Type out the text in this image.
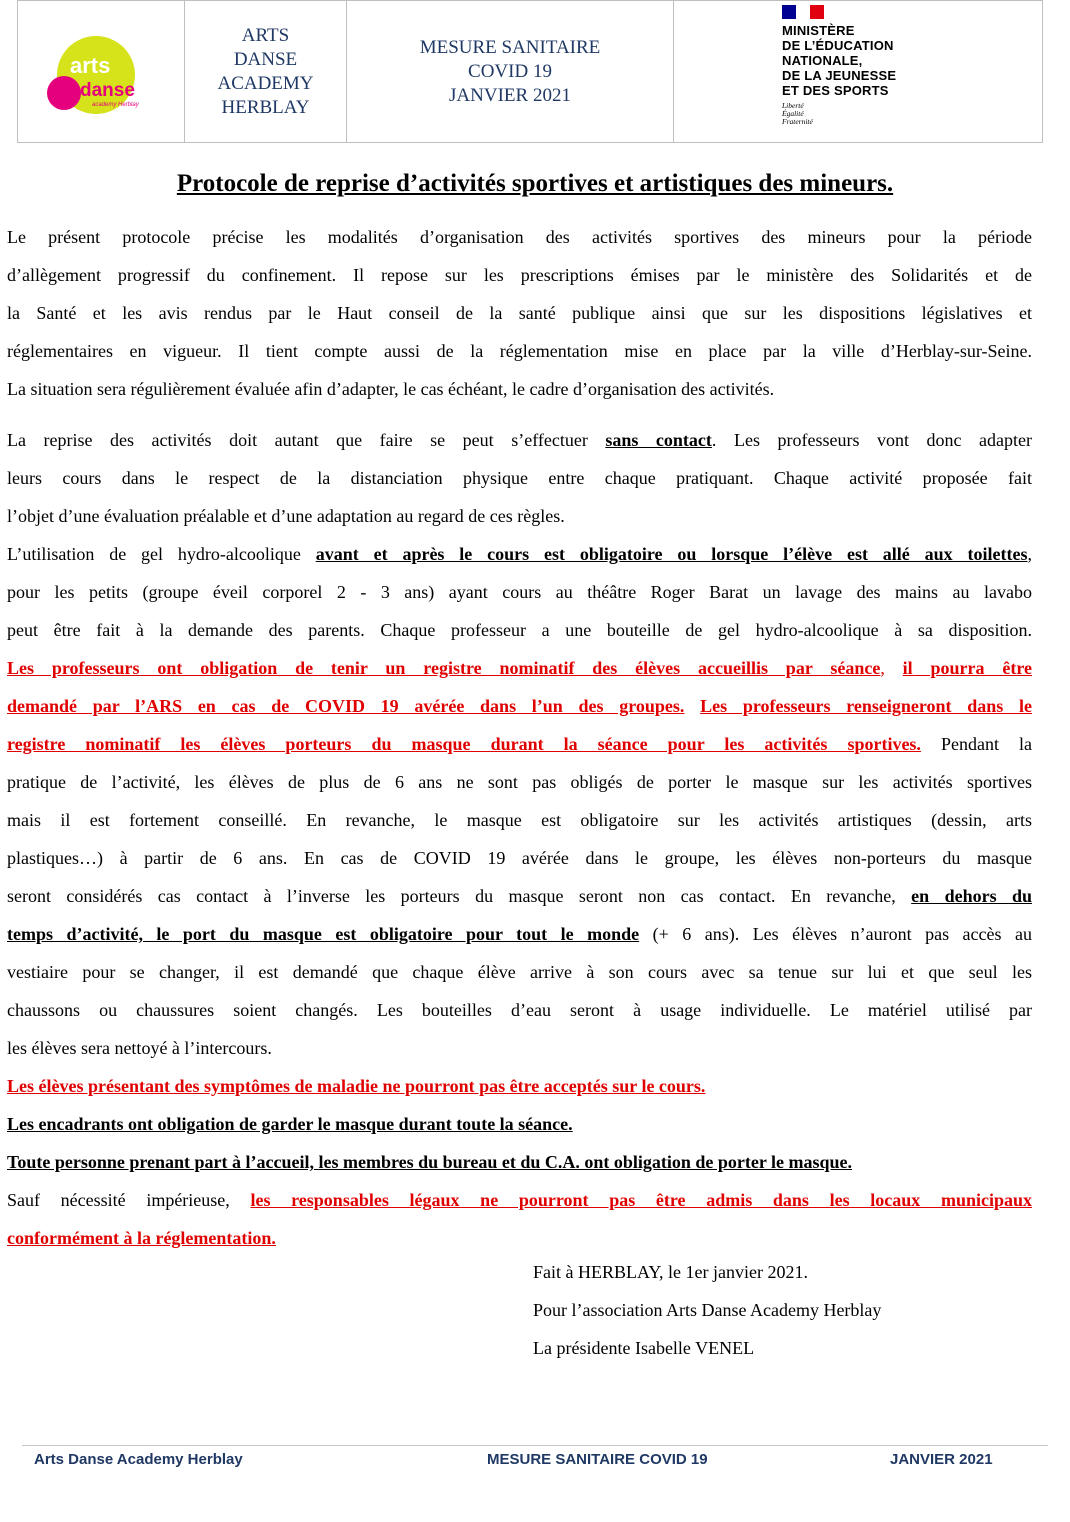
arts
danse
academy Herblay
ARTS
DANSE
ACADEMY
HERBLAY
MESURE SANITAIRE
COVID 19
JANVIER 2021
MINISTÈRE
DE L’ÉDUCATION
NATIONALE,
DE LA JEUNESSE
ET DES SPORTS
Liberté
Égalité
Fraternité
Protocole de reprise d’activités sportives et artistiques des mineurs.
Le présent protocole précise les modalités d’organisation des activités sportives des mineurs pour la période
d’allègement progressif du confinement. Il repose sur les prescriptions émises par le ministère des Solidarités et de
la Santé et les avis rendus par le Haut conseil de la santé publique ainsi que sur les dispositions législatives et
réglementaires en vigueur. Il tient compte aussi de la réglementation mise en place par la ville d’Herblay-sur-Seine.
La situation sera régulièrement évaluée afin d’adapter, le cas échéant, le cadre d’organisation des activités.
La reprise des activités doit autant que faire se peut s’effectuer sans contact. Les professeurs vont donc adapter
leurs cours dans le respect de la distanciation physique entre chaque pratiquant. Chaque activité proposée fait
l’objet d’une évaluation préalable et d’une adaptation au regard de ces règles.
L’utilisation de gel hydro-alcoolique avant et après le cours est obligatoire ou lorsque l’élève est allé aux toilettes,
pour les petits (groupe éveil corporel 2 - 3 ans) ayant cours au théâtre Roger Barat un lavage des mains au lavabo
peut être fait à la demande des parents. Chaque professeur a une bouteille de gel hydro-alcoolique à sa disposition.
Les professeurs ont obligation de tenir un registre nominatif des élèves accueillis par séance, il pourra être
demandé par l’ARS en cas de COVID 19 avérée dans l’un des groupes. Les professeurs renseigneront dans le
registre nominatif les élèves porteurs du masque durant la séance pour les activités sportives. Pendant la
pratique de l’activité, les élèves de plus de 6 ans ne sont pas obligés de porter le masque sur les activités sportives
mais il est fortement conseillé. En revanche, le masque est obligatoire sur les activités artistiques (dessin, arts
plastiques…) à partir de 6 ans. En cas de COVID 19 avérée dans le groupe, les élèves non-porteurs du masque
seront considérés cas contact à l’inverse les porteurs du masque seront non cas contact. En revanche, en dehors du
temps d’activité, le port du masque est obligatoire pour tout le monde (+ 6 ans). Les élèves n’auront pas accès au
vestiaire pour se changer, il est demandé que chaque élève arrive à son cours avec sa tenue sur lui et que seul les
chaussons ou chaussures soient changés. Les bouteilles d’eau seront à usage individuelle. Le matériel utilisé par
les élèves sera nettoyé à l’intercours.
Les élèves présentant des symptômes de maladie ne pourront pas être acceptés sur le cours.
Les encadrants ont obligation de garder le masque durant toute la séance.
Toute personne prenant part à l’accueil, les membres du bureau et du C.A. ont obligation de porter le masque.
Sauf nécessité impérieuse, les responsables légaux ne pourront pas être admis dans les locaux municipaux
conformément à la réglementation.
Fait à HERBLAY, le 1er janvier 2021.
Pour l’association Arts Danse Academy Herblay
La présidente Isabelle VENEL
Arts Danse Academy Herblay	MESURE SANITAIRE COVID 19	JANVIER 2021
